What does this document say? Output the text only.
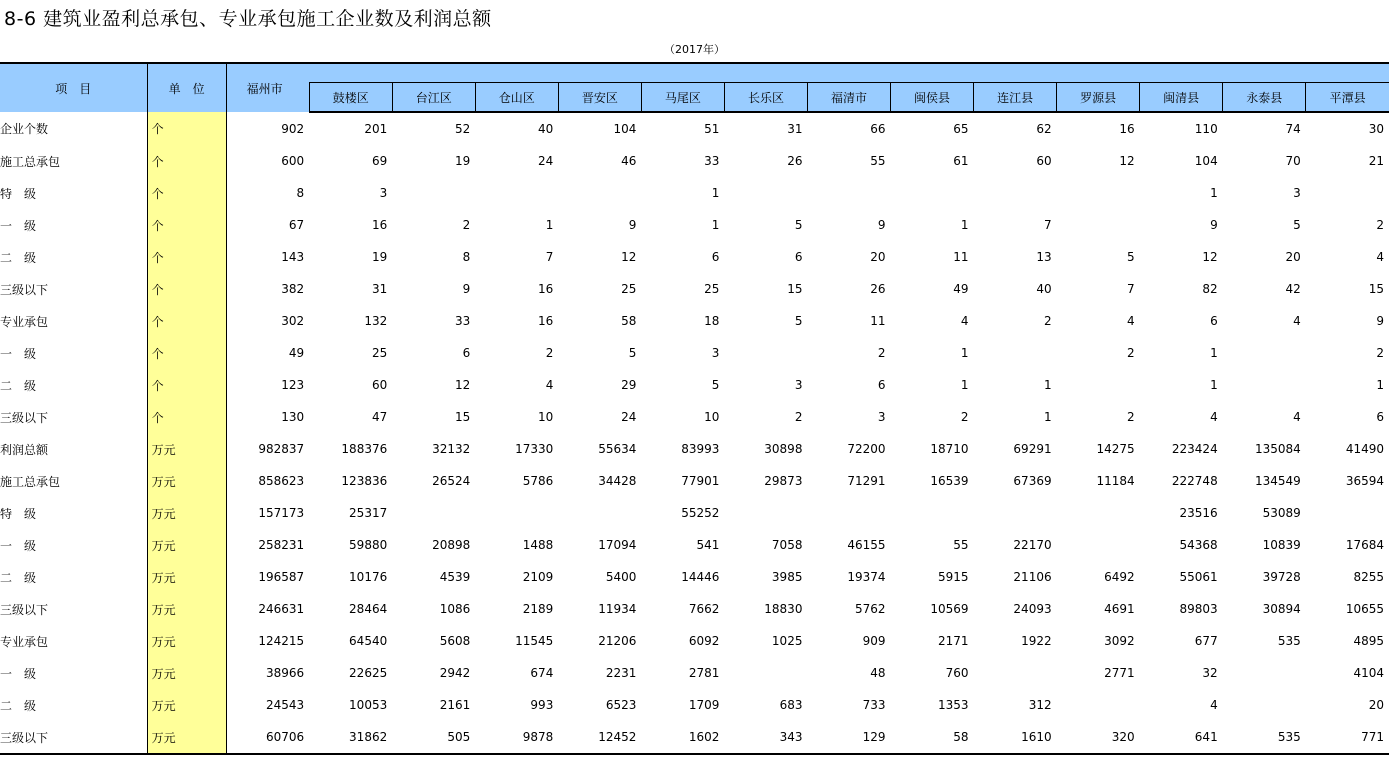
8-6 建筑业盈利总承包、专业承包施工企业数及利润总额
（2017年）
项　目	单　位	福州市													
			鼓楼区	台江区	仓山区	晋安区	马尾区	长乐区	福清市	闽侯县	连江县	罗源县	闽清县	永泰县	平潭县
企业个数	个	902	201	52	40	104	51	31	66	65	62	16	110	74	30
施工总承包	个	600	69	19	24	46	33	26	55	61	60	12	104	70	21
特　级	个	8	3				1						1	3	
一　级	个	67	16	2	1	9	1	5	9	1	7		9	5	2
二　级	个	143	19	8	7	12	6	6	20	11	13	5	12	20	4
三级以下	个	382	31	9	16	25	25	15	26	49	40	7	82	42	15
专业承包	个	302	132	33	16	58	18	5	11	4	2	4	6	4	9
一　级	个	49	25	6	2	5	3		2	1		2	1		2
二　级	个	123	60	12	4	29	5	3	6	1	1		1		1
三级以下	个	130	47	15	10	24	10	2	3	2	1	2	4	4	6
利润总额	万元	982837	188376	32132	17330	55634	83993	30898	72200	18710	69291	14275	223424	135084	41490
施工总承包	万元	858623	123836	26524	5786	34428	77901	29873	71291	16539	67369	11184	222748	134549	36594
特　级	万元	157173	25317				55252						23516	53089	
一　级	万元	258231	59880	20898	1488	17094	541	7058	46155	55	22170		54368	10839	17684
二　级	万元	196587	10176	4539	2109	5400	14446	3985	19374	5915	21106	6492	55061	39728	8255
三级以下	万元	246631	28464	1086	2189	11934	7662	18830	5762	10569	24093	4691	89803	30894	10655
专业承包	万元	124215	64540	5608	11545	21206	6092	1025	909	2171	1922	3092	677	535	4895
一　级	万元	38966	22625	2942	674	2231	2781		48	760		2771	32		4104
二　级	万元	24543	10053	2161	993	6523	1709	683	733	1353	312		4		20
三级以下	万元	60706	31862	505	9878	12452	1602	343	129	58	1610	320	641	535	771
